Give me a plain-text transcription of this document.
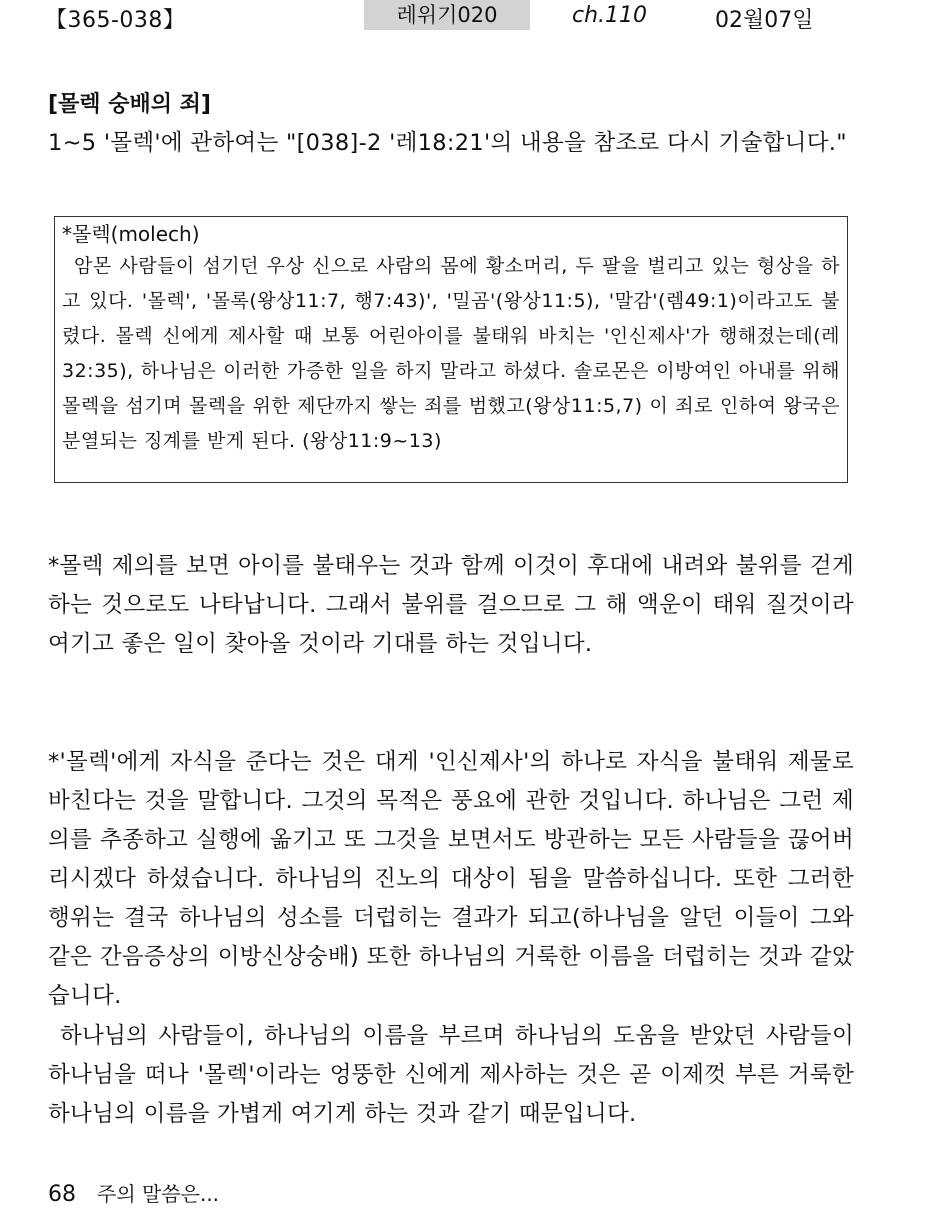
【365-038】	레위기020	ch.110	02월07일

[몰렉 숭배의 죄]

1~5 '몰렉'에 관하여는 "[038]-2 '레18:21'의 내용을 참조로 다시 기술합니다."

*몰렉(molech)

암몬 사람들이 섬기던 우상 신으로 사람의 몸에 황소머리, 두 팔을 벌리고 있는 형상을 하고 있다. '몰렉', '몰록(왕상11:7, 행7:43)', '밀곰'(왕상11:5), '말감'(렘49:1)이라고도 불렸다. 몰렉 신에게 제사할 때 보통 어린아이를 불태워 바치는 '인신제사'가 행해졌는데(레32:35), 하나님은 이러한 가증한 일을 하지 말라고 하셨다. 솔로몬은 이방여인 아내를 위해 몰렉을 섬기며 몰렉을 위한 제단까지 쌓는 죄를 범했고(왕상11:5,7) 이 죄로 인하여 왕국은 분열되는 징계를 받게 된다. (왕상11:9~13)

*몰렉 제의를 보면 아이를 불태우는 것과 함께 이것이 후대에 내려와 불위를 걷게 하는 것으로도 나타납니다. 그래서 불위를 걸으므로 그 해 액운이 태워 질것이라 여기고 좋은 일이 찾아올 것이라 기대를 하는 것입니다.

*'몰렉'에게 자식을 준다는 것은 대게 '인신제사'의 하나로 자식을 불태워 제물로 바친다는 것을 말합니다. 그것의 목적은 풍요에 관한 것입니다. 하나님은 그런 제의를 추종하고 실행에 옮기고 또 그것을 보면서도 방관하는 모든 사람들을 끊어버리시겠다 하셨습니다. 하나님의 진노의 대상이 됨을 말씀하십니다. 또한 그러한 행위는 결국 하나님의 성소를 더럽히는 결과가 되고(하나님을 알던 이들이 그와 같은 간음증상의 이방신상숭배) 또한 하나님의 거룩한 이름을 더럽히는 것과 같았습니다.

하나님의 사람들이, 하나님의 이름을 부르며 하나님의 도움을 받았던 사람들이 하나님을 떠나 '몰렉'이라는 엉뚱한 신에게 제사하는 것은 곧 이제껏 부른 거룩한 하나님의 이름을 가볍게 여기게 하는 것과 같기 때문입니다.

68 주의 말씀은...
